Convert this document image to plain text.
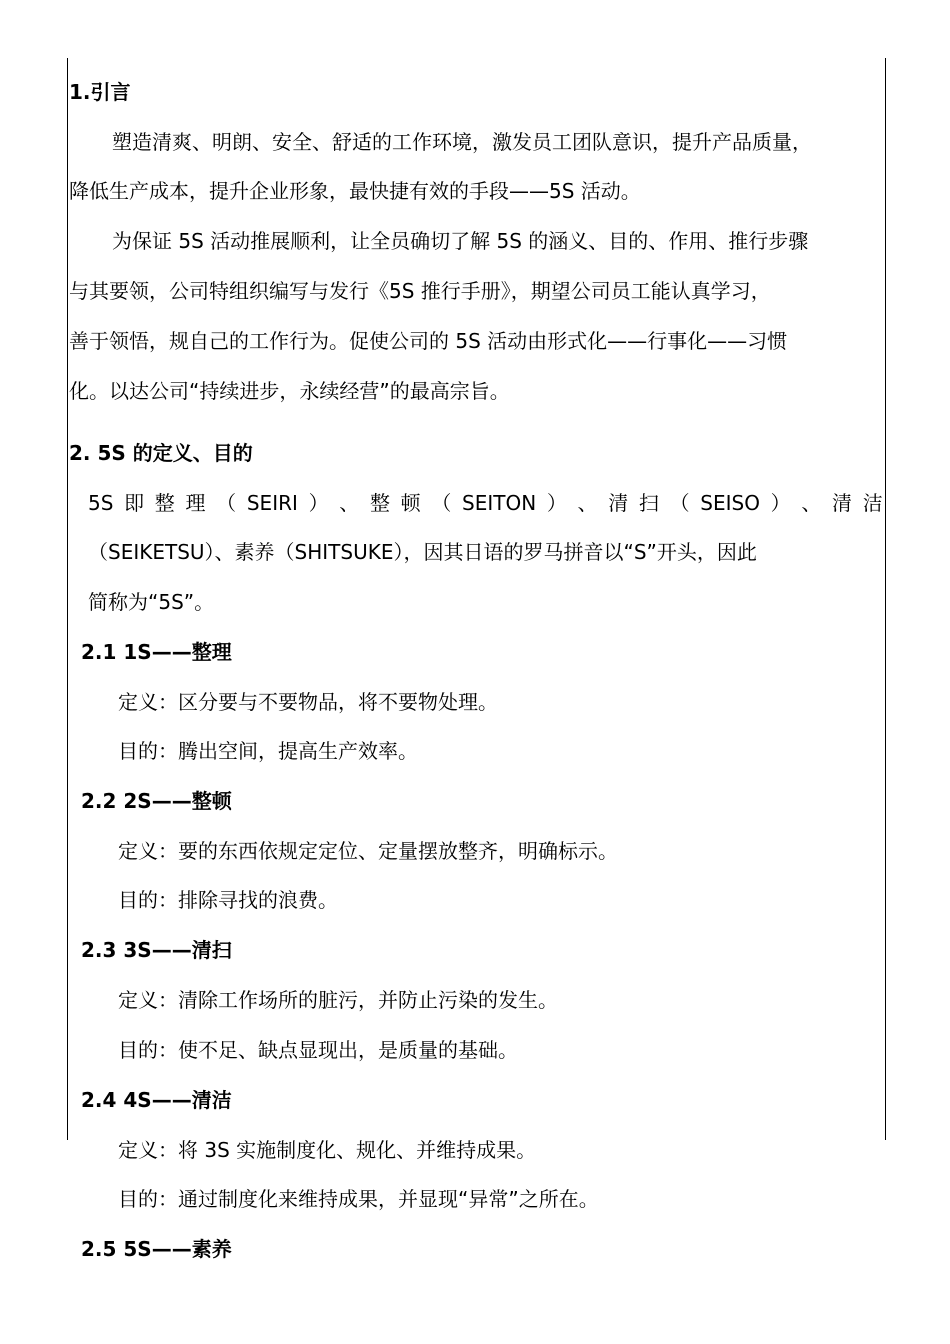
1.引言
塑造清爽、明朗、安全、舒适的工作环境，激发员工团队意识，提升产品质量，
降低生产成本，提升企业形象，最快捷有效的手段——5S 活动。
为保证 5S 活动推展顺利，让全员确切了解 5S 的涵义、目的、作用、推行步骤
与其要领，公司特组织编写与发行《5S 推行手册》，期望公司员工能认真学习，
善于领悟，规自己的工作行为。促使公司的 5S 活动由形式化——行事化——习惯
化。以达公司“持续进步，永续经营”的最高宗旨。
2. 5S 的定义、目的
5S 即 整 理 （ SEIRI ） 、 整 顿 （ SEITON ） 、 清 扫 （ SEISO ） 、 清 洁
（SEIKETSU）、素养（SHITSUKE），因其日语的罗马拼音以“S”开头，因此
简称为“5S”。
2.1 1S——整理
定义：区分要与不要物品，将不要物处理。
目的：腾出空间，提高生产效率。
2.2 2S——整顿
定义：要的东西依规定定位、定量摆放整齐，明确标示。
目的：排除寻找的浪费。
2.3 3S——清扫
定义：清除工作场所的脏污，并防止污染的发生。
目的：使不足、缺点显现出，是质量的基础。
2.4 4S——清洁
定义：将 3S 实施制度化、规化、并维持成果。
目的：通过制度化来维持成果，并显现“异常”之所在。
2.5 5S——素养
